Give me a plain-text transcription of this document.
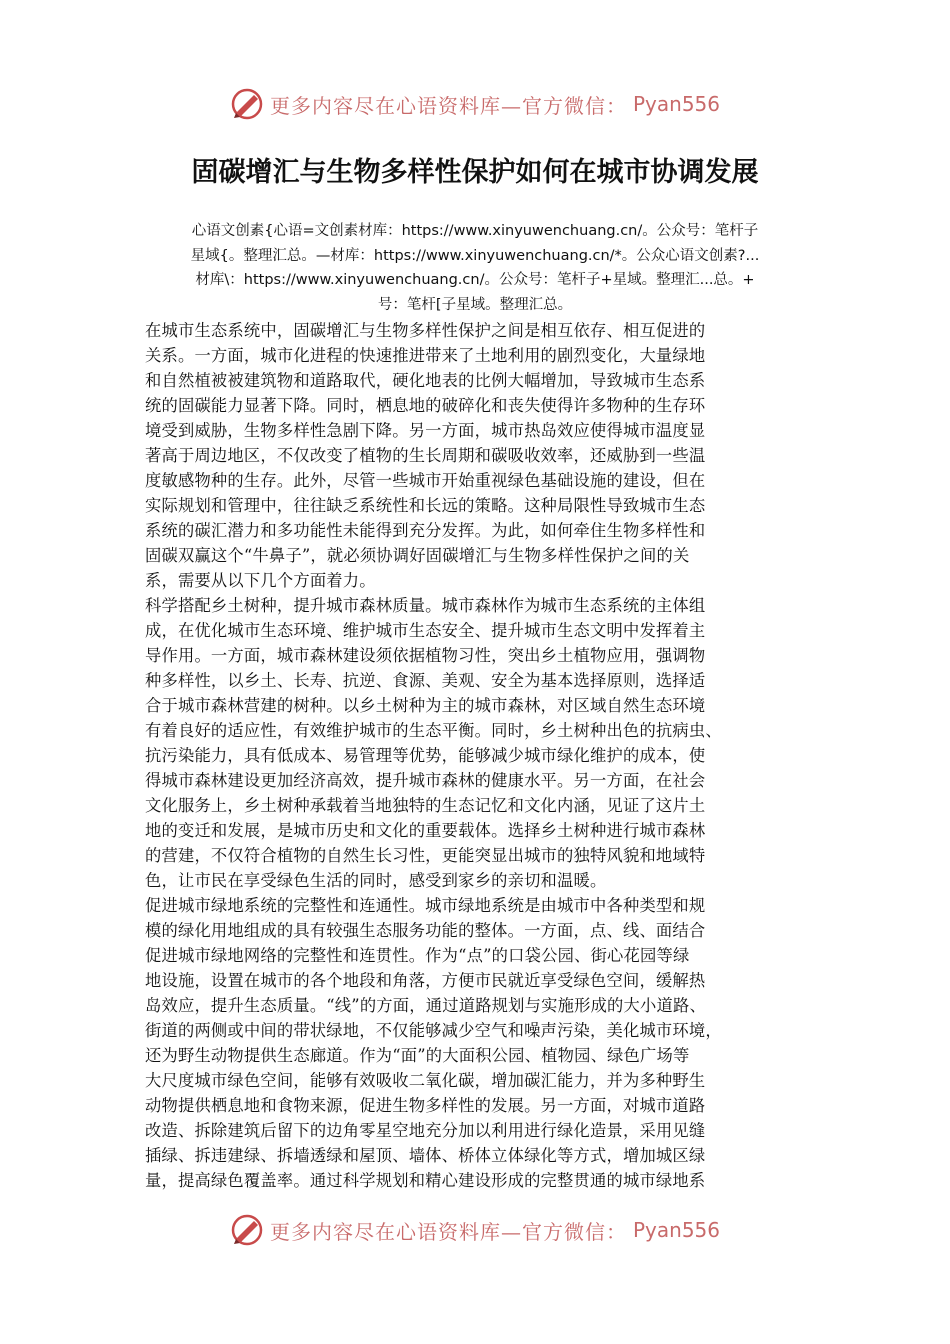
更多内容尽在心语资料库—官方微信： Pyan556
固碳增汇与生物多样性保护如何在城市协调发展
心语文创素{心语=文创素材库：https://www.xinyuwenchuang.cn/。公众号：笔杆子
星域{。整理汇总。—材库：https://www.xinyuwenchuang.cn/*。公众心语文创素?...
材库\：https://www.xinyuwenchuang.cn/。公众号：笔杆子+星域。整理汇...总。+
号：笔杆[子星域。整理汇总。
在城市生态系统中，固碳增汇与生物多样性保护之间是相互依存、相互促进的
关系。一方面，城市化进程的快速推进带来了土地利用的剧烈变化，大量绿地
和自然植被被建筑物和道路取代，硬化地表的比例大幅增加，导致城市生态系
统的固碳能力显著下降。同时，栖息地的破碎化和丧失使得许多物种的生存环
境受到威胁，生物多样性急剧下降。另一方面，城市热岛效应使得城市温度显
著高于周边地区，不仅改变了植物的生长周期和碳吸收效率，还威胁到一些温
度敏感物种的生存。此外，尽管一些城市开始重视绿色基础设施的建设，但在
实际规划和管理中，往往缺乏系统性和长远的策略。这种局限性导致城市生态
系统的碳汇潜力和多功能性未能得到充分发挥。为此，如何牵住生物多样性和
固碳双赢这个“牛鼻子”，就必须协调好固碳增汇与生物多样性保护之间的关
系，需要从以下几个方面着力。
科学搭配乡土树种，提升城市森林质量。城市森林作为城市生态系统的主体组
成，在优化城市生态环境、维护城市生态安全、提升城市生态文明中发挥着主
导作用。一方面，城市森林建设须依据植物习性，突出乡土植物应用，强调物
种多样性，以乡土、长寿、抗逆、食源、美观、安全为基本选择原则，选择适
合于城市森林营建的树种。以乡土树种为主的城市森林，对区域自然生态环境
有着良好的适应性，有效维护城市的生态平衡。同时，乡土树种出色的抗病虫、
抗污染能力，具有低成本、易管理等优势，能够减少城市绿化维护的成本，使
得城市森林建设更加经济高效，提升城市森林的健康水平。另一方面，在社会
文化服务上，乡土树种承载着当地独特的生态记忆和文化内涵，见证了这片土
地的变迁和发展，是城市历史和文化的重要载体。选择乡土树种进行城市森林
的营建，不仅符合植物的自然生长习性，更能突显出城市的独特风貌和地域特
色，让市民在享受绿色生活的同时，感受到家乡的亲切和温暖。
促进城市绿地系统的完整性和连通性。城市绿地系统是由城市中各种类型和规
模的绿化用地组成的具有较强生态服务功能的整体。一方面，点、线、面结合
促进城市绿地网络的完整性和连贯性。作为“点”的口袋公园、街心花园等绿
地设施，设置在城市的各个地段和角落，方便市民就近享受绿色空间，缓解热
岛效应，提升生态质量。“线”的方面，通过道路规划与实施形成的大小道路、
街道的两侧或中间的带状绿地，不仅能够减少空气和噪声污染，美化城市环境，
还为野生动物提供生态廊道。作为“面”的大面积公园、植物园、绿色广场等
大尺度城市绿色空间，能够有效吸收二氧化碳，增加碳汇能力，并为多种野生
动物提供栖息地和食物来源，促进生物多样性的发展。另一方面，对城市道路
改造、拆除建筑后留下的边角零星空地充分加以利用进行绿化造景，采用见缝
插绿、拆违建绿、拆墙透绿和屋顶、墙体、桥体立体绿化等方式，增加城区绿
量，提高绿色覆盖率。通过科学规划和精心建设形成的完整贯通的城市绿地系
更多内容尽在心语资料库—官方微信： Pyan556
